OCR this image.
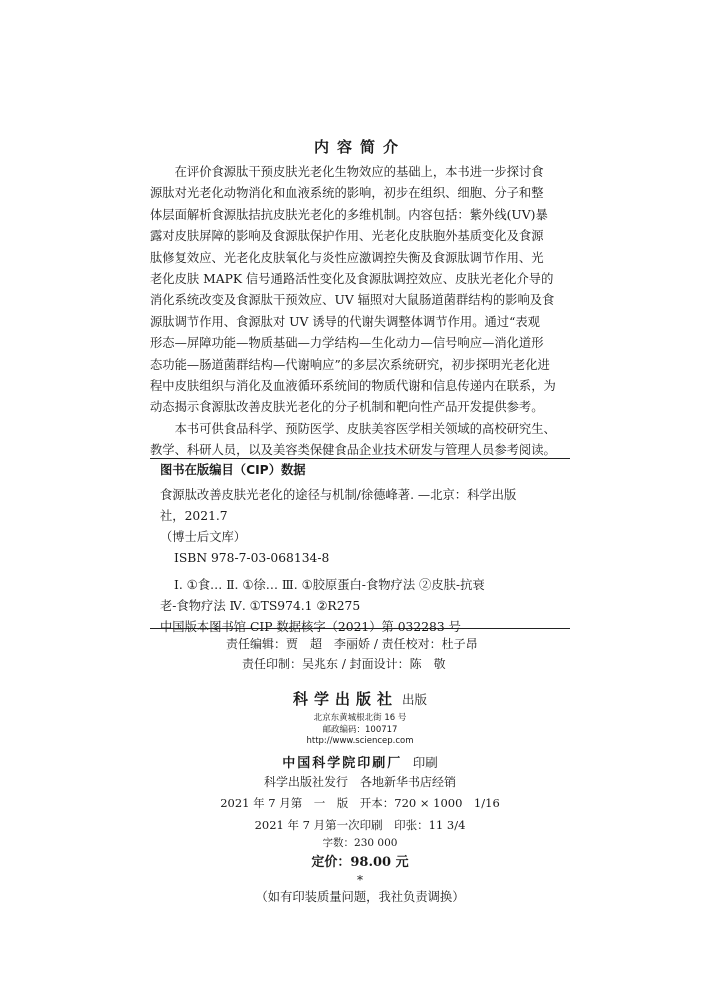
内容简介

在评价食源肽干预皮肤光老化生物效应的基础上，本书进一步探讨食
源肽对光老化动物消化和血液系统的影响，初步在组织、细胞、分子和整
体层面解析食源肽拮抗皮肤光老化的多维机制。内容包括：紫外线(UV)暴
露对皮肤屏障的影响及食源肽保护作用、光老化皮肤胞外基质变化及食源
肽修复效应、光老化皮肤氧化与炎性应激调控失衡及食源肽调节作用、光
老化皮肤 MAPK 信号通路活性变化及食源肽调控效应、皮肤光老化介导的
消化系统改变及食源肽干预效应、UV 辐照对大鼠肠道菌群结构的影响及食
源肽调节作用、食源肽对 UV 诱导的代谢失调整体调节作用。通过“表观
形态—屏障功能—物质基础—力学结构—生化动力—信号响应—消化道形
态功能—肠道菌群结构—代谢响应”的多层次系统研究，初步探明光老化进
程中皮肤组织与消化及血液循环系统间的物质代谢和信息传递内在联系，为
动态揭示食源肽改善皮肤光老化的分子机制和靶向性产品开发提供参考。

本书可供食品科学、预防医学、皮肤美容医学相关领域的高校研究生、
教学、科研人员，以及美容类保健食品企业技术研发与管理人员参考阅读。

图书在版编目（CIP）数据
食源肽改善皮肤光老化的途径与机制/徐德峰著. —北京：科学出版
社，2021.7
（博士后文库）
ISBN 978-7-03-068134-8
Ⅰ. ①食… Ⅱ. ①徐… Ⅲ. ①胶原蛋白-食物疗法 ②皮肤-抗衰
老-食物疗法 Ⅳ. ①TS974.1 ②R275
中国版本图书馆 CIP 数据核字（2021）第 032283 号
责任编辑：贾　超　李丽娇 / 责任校对：杜子昂
责任印制：吴兆东 / 封面设计：陈　敬
科学出版社 出版
北京东黄城根北街 16 号
邮政编码：100717
http://www.sciencep.com
中国科学院印刷厂 印刷
科学出版社发行　各地新华书店经销
2021 年 7 月第　一　版　开本：720 × 1000　1/16
2021 年 7 月第一次印刷　印张：11 3/4
字数：230 000
定价：98.00 元
*
（如有印装质量问题，我社负责调换）
